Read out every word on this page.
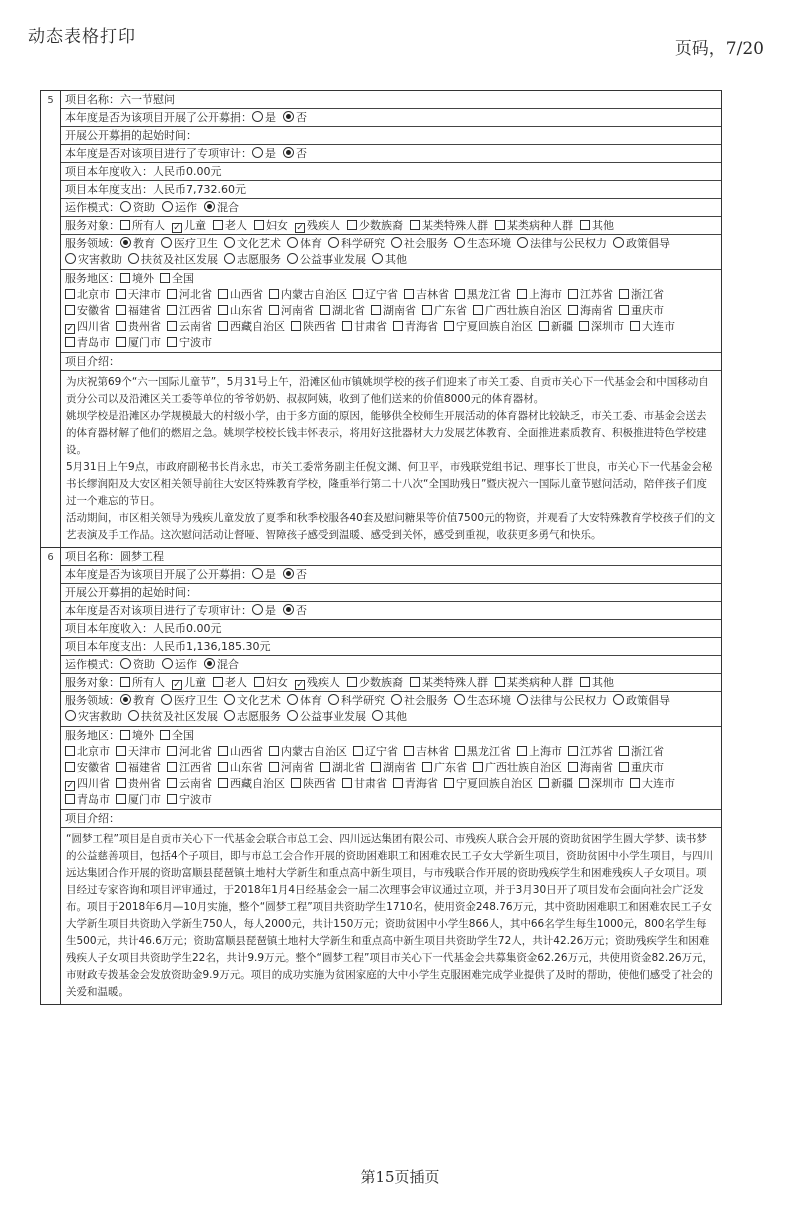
动态表格打印
页码，7/20
5	项目名称：六一节慰问
本年度是否为该项目开展了公开募捐： 是 否
开展公开募捐的起始时间：
本年度是否对该项目进行了专项审计： 是 否
项目本年度收入：人民币0.00元
项目本年度支出：人民币7,732.60元
运作模式： 资助 运作 混合
服务对象： 所有人 ✓ 儿童 老人 妇女 ✓ 残疾人 少数族裔 某类特殊人群 某类病种人群 其他
服务领域： 教育 医疗卫生 文化艺术 体育 科学研究 社会服务 生态环境 法律与公民权力 政策倡导灾害救助 扶贫及社区发展 志愿服务 公益事业发展 其他
服务地区： 境外 全国
北京市 天津市 河北省 山西省 内蒙古自治区 辽宁省 吉林省 黑龙江省 上海市 江苏省 浙江省安徽省 福建省 江西省 山东省 河南省 湖北省 湖南省 广东省 广西壮族自治区 海南省 重庆市✓ 四川省 贵州省 云南省 西藏自治区 陕西省 甘肃省 青海省 宁夏回族自治区 新疆 深圳市 大连市青岛市 厦门市 宁波市
项目介绍：

为庆祝第69个“六一国际儿童节”，5月31号上午，沿滩区仙市镇姚坝学校的孩子们迎来了市关工委、自贡市关心下一代基金会和中国移动自贡分公司以及沿滩区关工委等单位的爷爷奶奶、叔叔阿姨，收到了他们送来的价值8000元的体育器材。

姚坝学校是沿滩区办学规模最大的村级小学，由于多方面的原因，能够供全校师生开展活动的体育器材比较缺乏，市关工委、市基金会送去的体育器材解了他们的燃眉之急。姚坝学校校长钱丰怀表示，将用好这批器材大力发展艺体教育、全面推进素质教育、积极推进特色学校建设。

5月31日上午9点，市政府副秘书长肖永忠，市关工委常务副主任倪文渊、何卫平，市残联党组书记、理事长丁世良，市关心下一代基金会秘书长缪润阳及大安区相关领导前往大安区特殊教育学校，隆重举行第二十八次“全国助残日”暨庆祝六一国际儿童节慰问活动，陪伴孩子们度过一个难忘的节日。

活动期间，市区相关领导为残疾儿童发放了夏季和秋季校服各40套及慰问糖果等价值7500元的物资，并观看了大安特殊教育学校孩子们的文艺表演及手工作品。这次慰问活动让督哑、智障孩子感受到温暖、感受到关怀，感受到重视，收获更多勇气和快乐。

6	项目名称：圆梦工程
本年度是否为该项目开展了公开募捐： 是 否
开展公开募捐的起始时间：
本年度是否对该项目进行了专项审计： 是 否
项目本年度收入：人民币0.00元
项目本年度支出：人民币1,136,185.30元
运作模式： 资助 运作 混合
服务对象： 所有人 ✓ 儿童 老人 妇女 ✓ 残疾人 少数族裔 某类特殊人群 某类病种人群 其他
服务领域： 教育 医疗卫生 文化艺术 体育 科学研究 社会服务 生态环境 法律与公民权力 政策倡导灾害救助 扶贫及社区发展 志愿服务 公益事业发展 其他
服务地区： 境外 全国
北京市 天津市 河北省 山西省 内蒙古自治区 辽宁省 吉林省 黑龙江省 上海市 江苏省 浙江省安徽省 福建省 江西省 山东省 河南省 湖北省 湖南省 广东省 广西壮族自治区 海南省 重庆市✓ 四川省 贵州省 云南省 西藏自治区 陕西省 甘肃省 青海省 宁夏回族自治区 新疆 深圳市 大连市青岛市 厦门市 宁波市
项目介绍：

“圆梦工程”项目是自贡市关心下一代基金会联合市总工会、四川远达集团有限公司、市残疾人联合会开展的资助贫困学生圆大学梦、读书梦的公益慈善项目，包括4个子项目，即与市总工会合作开展的资助困难职工和困难农民工子女大学新生项目，资助贫困中小学生项目，与四川远达集团合作开展的资助富顺县琵琶镇土地村大学新生和重点高中新生项目，与市残联合作开展的资助残疾学生和困难残疾人子女项目。项目经过专家咨询和项目评审通过，于2018年1月4日经基金会一届二次理事会审议通过立项，并于3月30日开了项目发布会面向社会广泛发布。项目于2018年6月—10月实施，整个“圆梦工程”项目共资助学生1710名，使用资金248.76万元，其中资助困难职工和困难农民工子女大学新生项目共资助入学新生750人，每人2000元，共计150万元；资助贫困中小学生866人，其中66名学生每生1000元，800名学生每生500元，共计46.6万元；资助富顺县琵琶镇土地村大学新生和重点高中新生项目共资助学生72人，共计42.26万元；资助残疾学生和困难残疾人子女项目共资助学生22名，共计9.9万元。整个“圆梦工程”项目市关心下一代基金会共募集资金62.26万元，共使用资金82.26万元，市财政专拨基金会发放资助金9.9万元。项目的成功实施为贫困家庭的大中小学生克服困难完成学业提供了及时的帮助，使他们感受了社会的关爱和温暖。

第15页插页
